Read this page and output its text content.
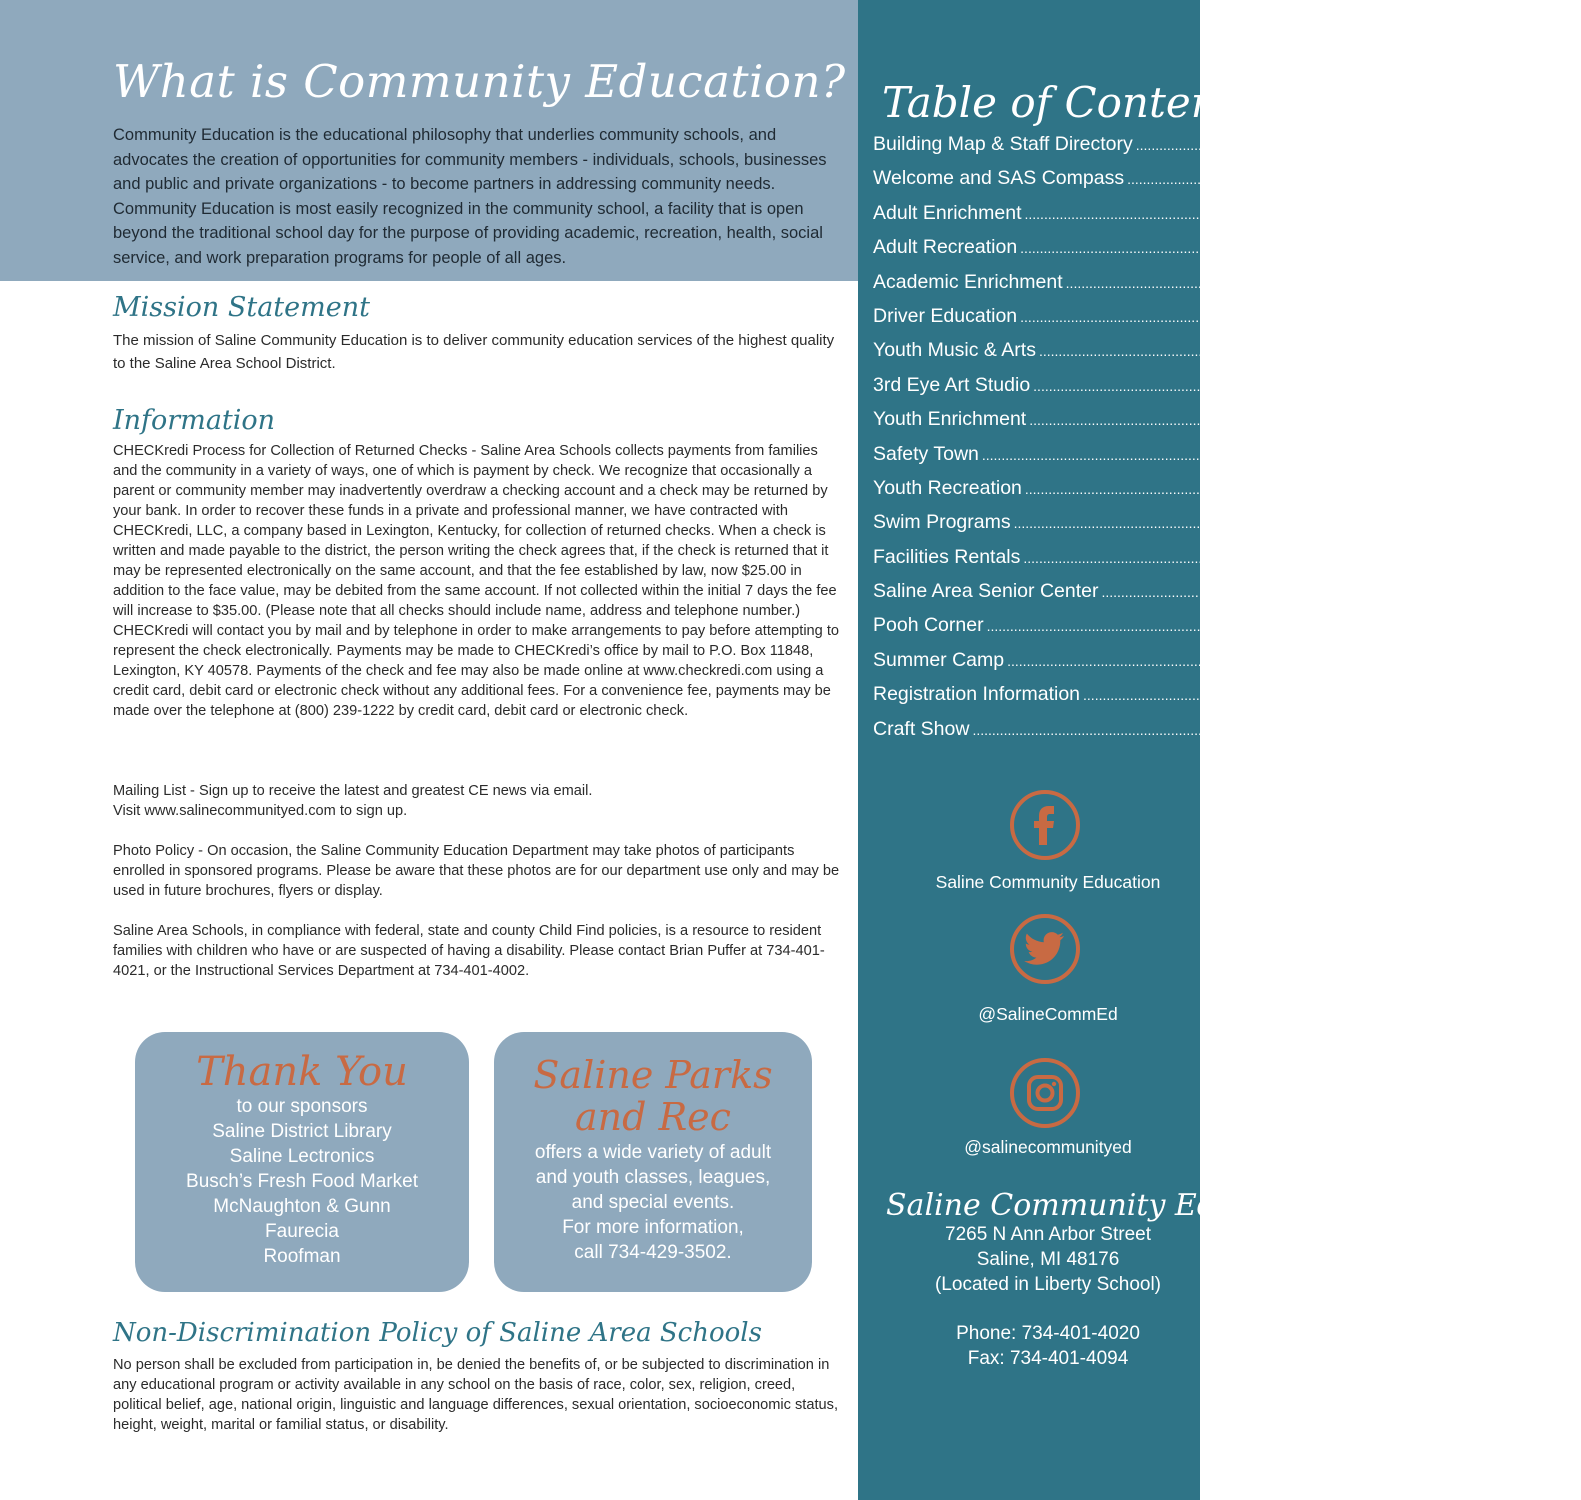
What is Community Education?

Community Education is the educational philosophy that underlies community schools, and advocates the creation of opportunities for community members - individuals, schools, businesses and public and private organizations - to become partners in addressing community needs. Community Education is most easily recognized in the community school, a facility that is open beyond the traditional school day for the purpose of providing academic, recreation, health, social service, and work preparation programs for people of all ages.

Mission Statement

The mission of Saline Community Education is to deliver community education services of the highest quality to the Saline Area School District.

Information

CHECKredi Process for Collection of Returned Checks - Saline Area Schools collects payments from families and the community in a variety of ways, one of which is payment by check. We recognize that occasionally a parent or community member may inadvertently overdraw a checking account and a check may be returned by your bank. In order to recover these funds in a private and professional manner, we have contracted with CHECKredi, LLC, a company based in Lexington, Kentucky, for collection of returned checks. When a check is written and made payable to the district, the person writing the check agrees that, if the check is returned that it may be represented electronically on the same account, and that the fee established by law, now $25.00 in addition to the face value, may be debited from the same account. If not collected within the initial 7 days the fee will increase to $35.00. (Please note that all checks should include name, address and telephone number.) CHECKredi will contact you by mail and by telephone in order to make arrangements to pay before attempting to represent the check electronically. Payments may be made to CHECKredi’s office by mail to P.O. Box 11848, Lexington, KY 40578. Payments of the check and fee may also be made online at www.checkredi.com using a credit card, debit card or electronic check without any additional fees. For a convenience fee, payments may be made over the telephone at (800) 239-1222 by credit card, debit card or electronic check.

Mailing List - Sign up to receive the latest and greatest CE news via email.
Visit www.salinecommunityed.com to sign up.

Photo Policy - On occasion, the Saline Community Education Department may take photos of participants enrolled in sponsored programs. Please be aware that these photos are for our department use only and may be used in future brochures, flyers or display.

Saline Area Schools, in compliance with federal, state and county Child Find policies, is a resource to resident families with children who have or are suspected of having a disability. Please contact Brian Puffer at 734-401-4021, or the Instructional Services Department at 734-401-4002.

Thank You
to our sponsors
Saline District Library
Saline Lectronics
Busch’s Fresh Food Market
McNaughton & Gunn
Faurecia
Roofman
Saline Parks
and Rec
offers a wide variety of adult
and youth classes, leagues,
and special events.
For more information,
call 734-429-3502.
Non-Discrimination Policy of Saline Area Schools

No person shall be excluded from participation in, be denied the benefits of, or be subjected to discrimination in any educational program or activity available in any school on the basis of race, color, sex, religion, creed, political belief, age, national origin, linguistic and language differences, sexual orientation, socioeconomic status, height, weight, marital or familial status, or disability.

Table of Contents
Building Map & Staff Directory .....	3
Welcome and SAS Compass .....	4
Adult Enrichment .....	5-7
Adult Recreation .....	7-9
Academic Enrichment .....	10
Driver Education .....	11
Youth Music & Arts .....	12-14
3rd Eye Art Studio .....	15
Youth Enrichment .....	16
Safety Town .....	17
Youth Recreation .....	18-24
Swim Programs .....	25
Facilities Rentals .....	26
Saline Area Senior Center .....	27
Pooh Corner .....	28-29
Summer Camp .....	30
Registration Information .....	31
Craft Show .....	32
Saline Community Education
@SalineCommEd
@salinecommunityed
Saline Community Education
7265 N Ann Arbor Street
Saline, MI 48176
(Located in Liberty School)
Phone: 734-401-4020
Fax: 734-401-4094
